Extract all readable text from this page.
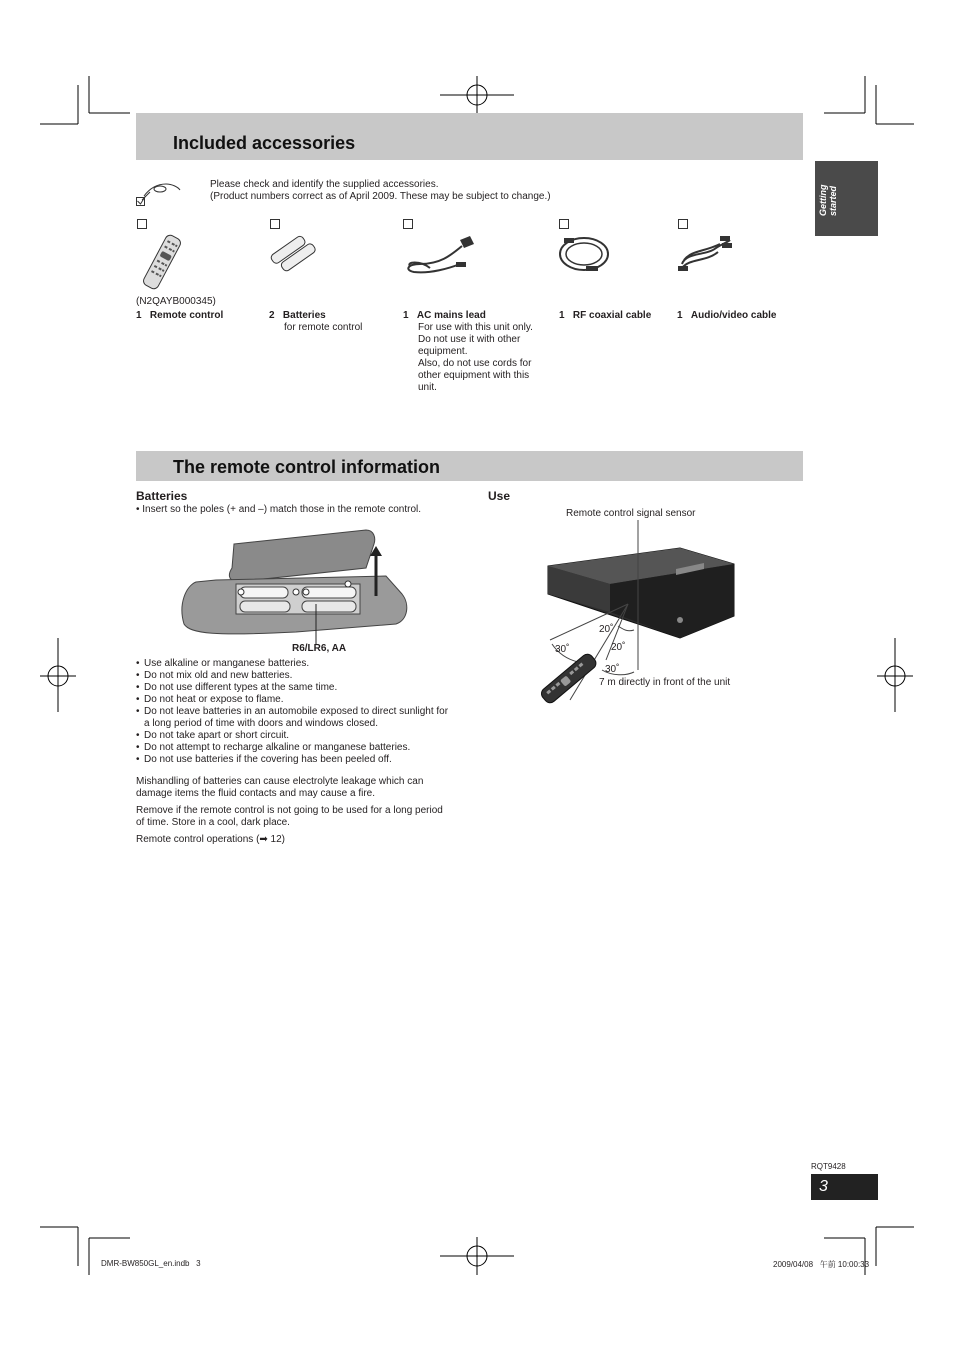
Getting
started
Included accessories
Please check and identify the supplied accessories.
(Product numbers correct as of April 2009. These may be subject to change.)
(N2QAYB000345)
1 Remote control	2 Batteries
for remote control
1 AC mains lead
For use with this unit only.
Do not use it with other
equipment.
Also, do not use cords for
other equipment with this
unit.
1 RF coaxial cable	1 Audio/video cable
The remote control information
Batteries
• Insert so the poles (+ and –) match those in the remote control.
R6/LR6, AA
• Use alkaline or manganese batteries.
• Do not mix old and new batteries.
• Do not use different types at the same time.
• Do not heat or expose to flame.
• Do not leave batteries in an automobile exposed to direct sunlight for a long period of time with doors and windows closed.
• Do not take apart or short circuit.
• Do not attempt to recharge alkaline or manganese batteries.
• Do not use batteries if the covering has been peeled off.
Mishandling of batteries can cause electrolyte leakage which can damage items the fluid contacts and may cause a fire.
Remove if the remote control is not going to be used for a long period of time. Store in a cool, dark place.
Remote control operations (➡ 12)
Use
Remote control signal sensor
20˚
20˚
30˚
30˚
7 m directly in front of the unit
RQT9428
3
DMR-BW850GL_en.indb   3	2009/04/08   午前 10:00:33
